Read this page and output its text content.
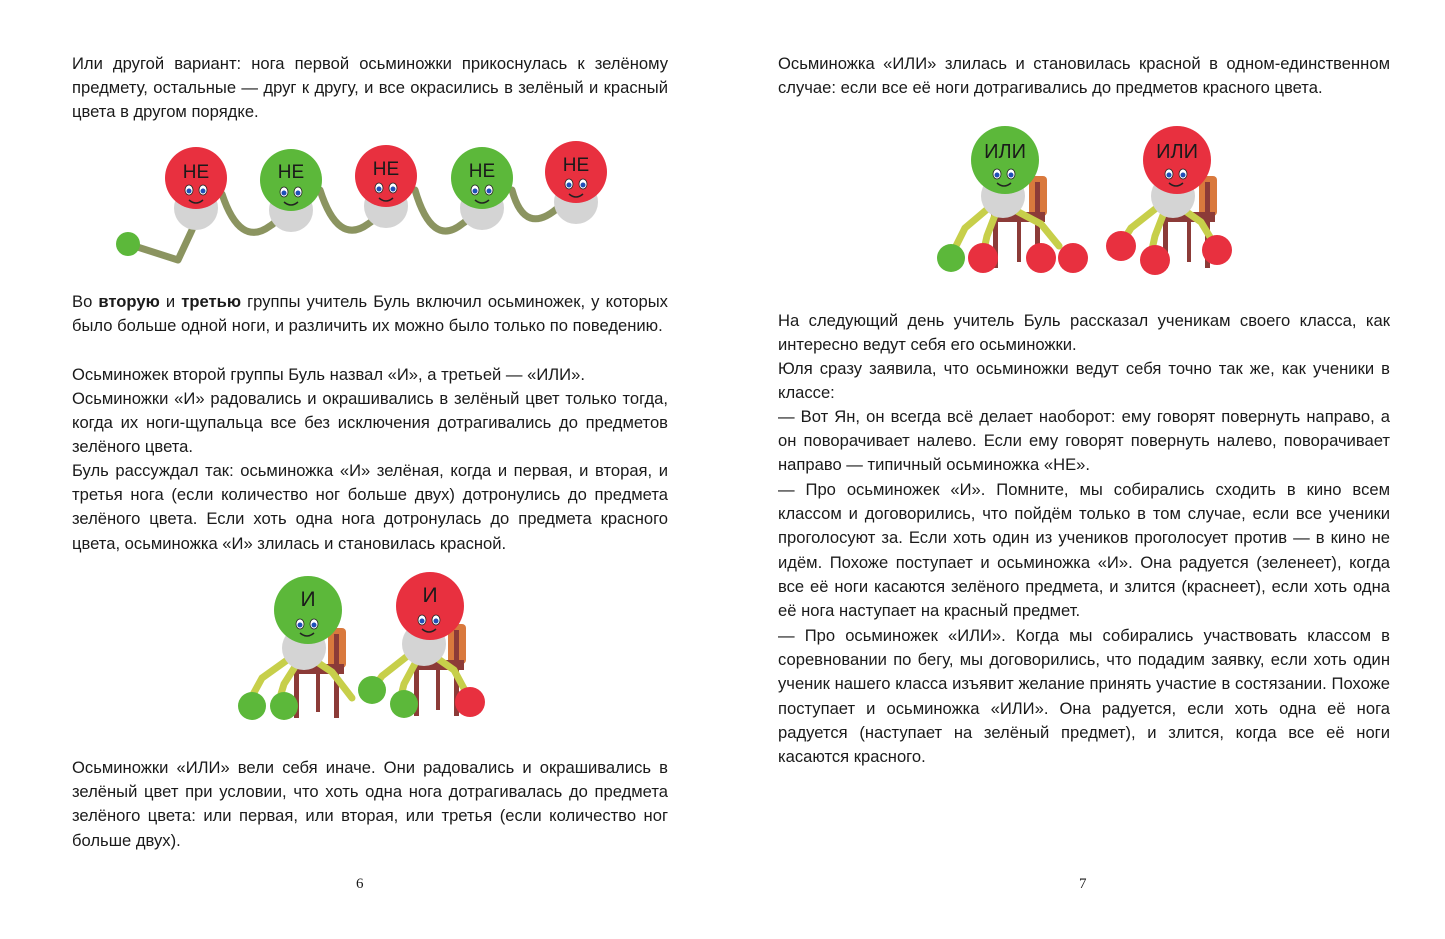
Или другой вариант: нога первой осьминожки прикоснулась к зелёному предмету, остальные — друг к другу, и все окрасились в зелёный и красный цвета в другом порядке.

НЕ	НЕ	НЕ	НЕ	НЕ

Во вторую и третью группы учитель Буль включил осьминожек, у которых было больше одной ноги, и различить их можно было только по поведению.

Осьминожек второй группы Буль назвал «И», а третьей — «ИЛИ».

Осьминожки «И» радовались и окрашивались в зелёный цвет только тогда, когда их ноги-щупальца все без исключения дотрагивались до предметов зелёного цвета.

Буль рассуждал так: осьминожка «И» зелёная, когда и первая, и вторая, и третья нога (если количество ног больше двух) дотронулись до предмета зелёного цвета. Если хоть одна нога дотронулась до предмета красного цвета, осьминожка «И» злилась и становилась красной.

И	И

Осьминожки «ИЛИ» вели себя иначе. Они радовались и окрашивались в зелёный цвет при условии, что хоть одна нога дотрагивалась до предмета зелёного цвета: или первая, или вторая, или третья (если количество ног больше двух).

6

Осьминожка «ИЛИ» злилась и становилась красной в одном-единственном случае: если все её ноги дотрагивались до предметов красного цвета.

ИЛИ	ИЛИ

На следующий день учитель Буль рассказал ученикам своего класса, как интересно ведут себя его осьминожки.

Юля сразу заявила, что осьминожки ведут себя точно так же, как ученики в классе:

— Вот Ян, он всегда всё делает наоборот: ему говорят повернуть направо, а он поворачивает налево. Если ему говорят повернуть налево, поворачивает направо — типичный осьминожка «НЕ».

— Про осьминожек «И». Помните, мы собирались сходить в кино всем классом и договорились, что пойдём только в том случае, если все ученики проголосуют за. Если хоть один из учеников проголосует против — в кино не идём. Похоже поступает и осьминожка «И». Она радуется (зеленеет), когда все её ноги касаются зелёного предмета, и злится (краснеет), если хоть одна её нога наступает на красный предмет.

— Про осьминожек «ИЛИ». Когда мы собирались участвовать классом в соревновании по бегу, мы договорились, что подадим заявку, если хоть один ученик нашего класса изъявит желание принять участие в состязании. Похоже поступает и осьминожка «ИЛИ». Она радуется, если хоть одна её нога радуется (наступает на зелёный предмет), и злится, когда все её ноги касаются красного.

7
